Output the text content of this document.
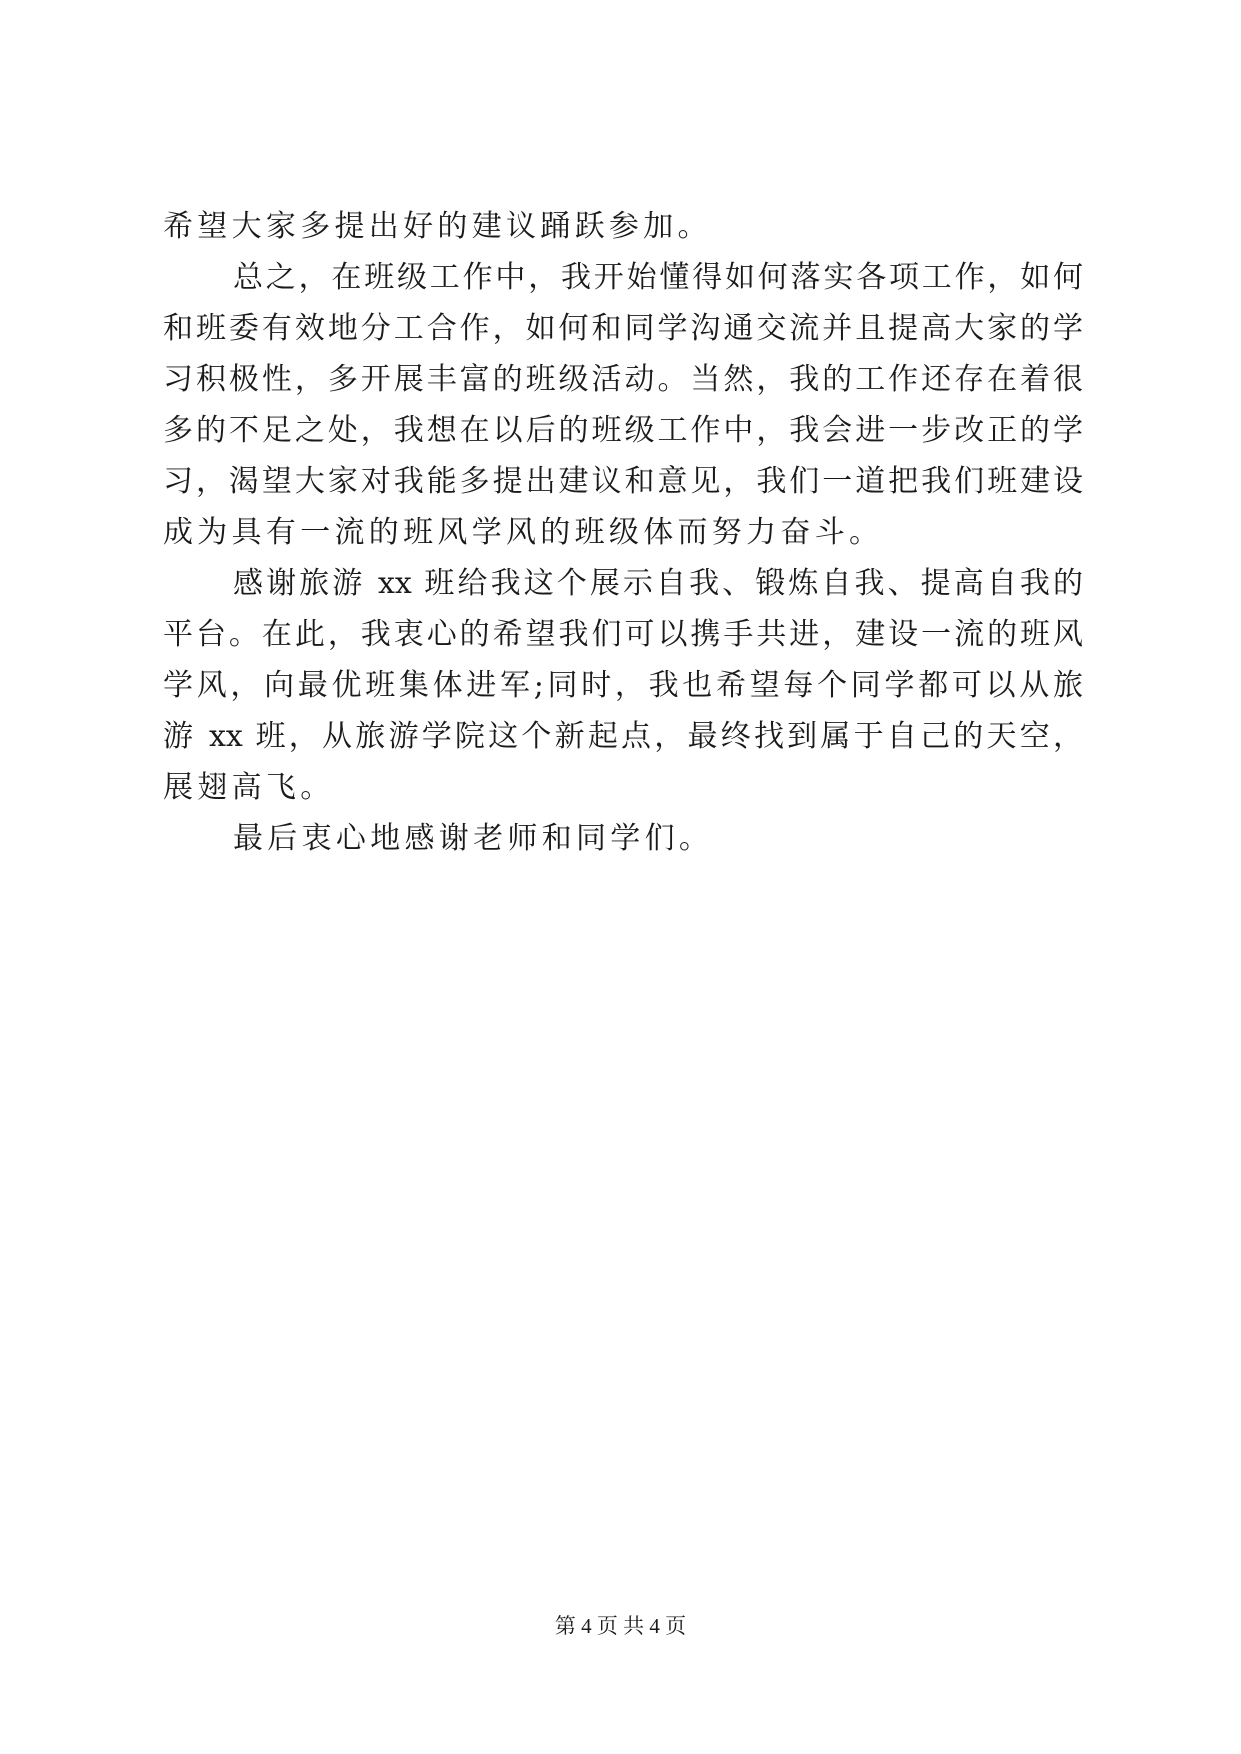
希望大家多提出好的建议踊跃参加。
总之，在班级工作中，我开始懂得如何落实各项工作，如何
和班委有效地分工合作，如何和同学沟通交流并且提高大家的学
习积极性，多开展丰富的班级活动。当然，我的工作还存在着很
多的不足之处，我想在以后的班级工作中，我会进一步改正的学
习，渴望大家对我能多提出建议和意见，我们一道把我们班建设
成为具有一流的班风学风的班级体而努力奋斗。
感谢旅游 xx 班给我这个展示自我、锻炼自我、提高自我的
平台。在此，我衷心的希望我们可以携手共进，建设一流的班风
学风，向最优班集体进军;同时，我也希望每个同学都可以从旅
游 xx 班，从旅游学院这个新起点，最终找到属于自己的天空，
展翅高飞。
最后衷心地感谢老师和同学们。
第 4 页 共 4 页
